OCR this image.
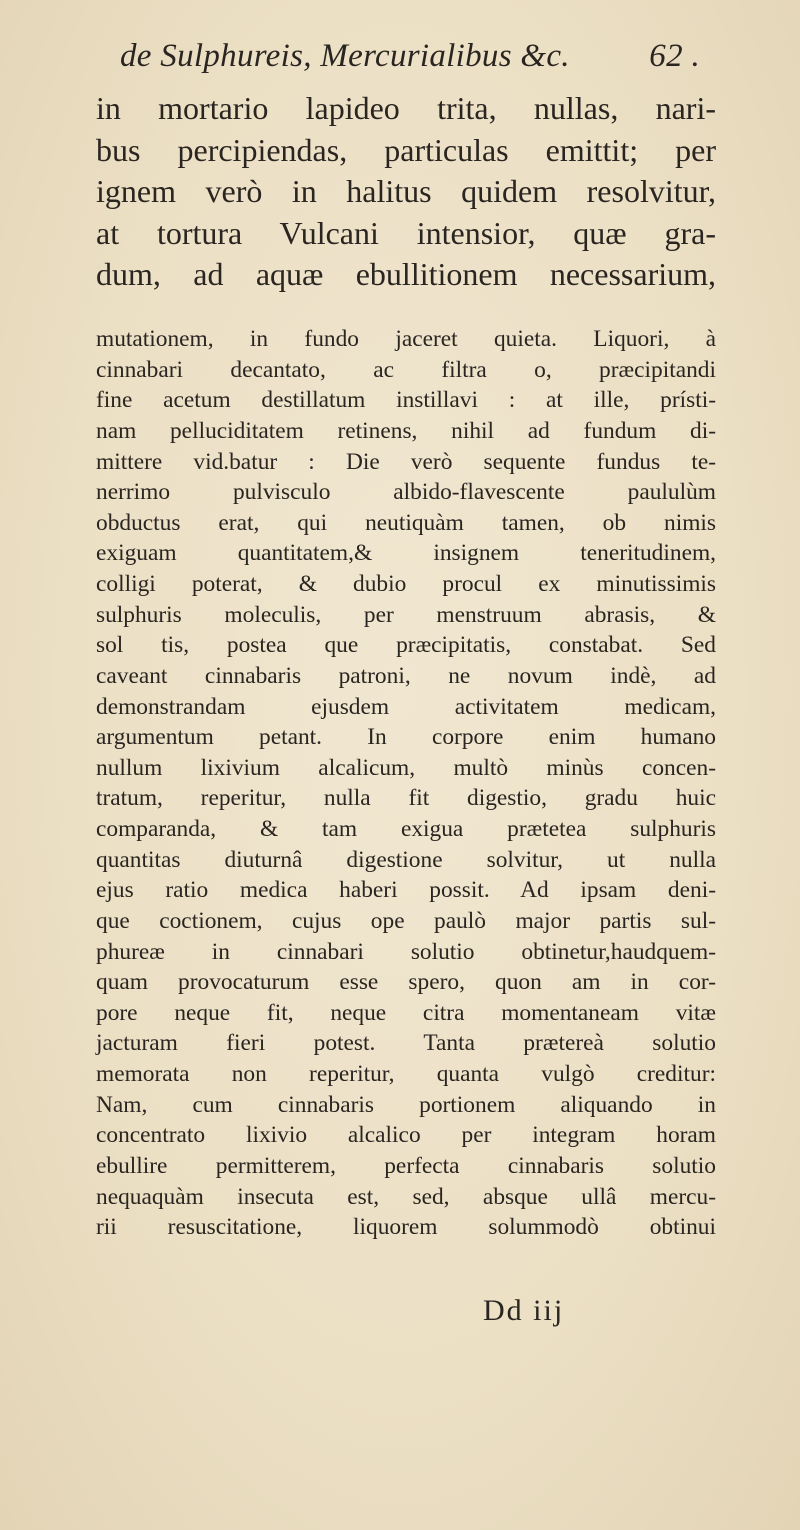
de Sulphureis, Mercurialibus &c. 62 .
in mortario lapideo trita, nullas, nari-
bus percipiendas, particulas emittit; per
ignem verò in halitus quidem resolvitur,
at tortura Vulcani intensior, quæ gra-
dum, ad aquæ ebullitionem necessarium,
mutationem, in fundo jaceret quieta. Liquori, à
cinnabari decantato, ac filtra o, præcipitandi
fine acetum destillatum instillavi : at ille, prísti-
nam pelluciditatem retinens, nihil ad fundum di-
mittere vid.batur : Die verò sequente fundus te-
nerrimo pulvisculo albido-flavescente paululùm
obductus erat, qui neutiquàm tamen, ob nimis
exiguam quantitatem,& insignem teneritudinem,
colligi poterat, & dubio procul ex minutissimis
sulphuris moleculis, per menstruum abrasis, &
sol tis, postea que præcipitatis, constabat. Sed
caveant cinnabaris patroni, ne novum indè, ad
demonstrandam ejusdem activitatem medicam,
argumentum petant. In corpore enim humano
nullum lixivium alcalicum, multò minùs concen-
tratum, reperitur, nulla fit digestio, gradu huic
comparanda, & tam exigua prætetea sulphuris
quantitas diuturnâ digestione solvitur, ut nulla
ejus ratio medica haberi possit. Ad ipsam deni-
que coctionem, cujus ope paulò major partis sul-
phureæ in cinnabari solutio obtinetur,haudquem-
quam provocaturum esse spero, quon am in cor-
pore neque fit, neque citra momentaneam vitæ
jacturam fieri potest. Tanta prætereà solutio
memorata non reperitur, quanta vulgò creditur:
Nam, cum cinnabaris portionem aliquando in
concentrato lixivio alcalico per integram horam
ebullire permitterem, perfecta cinnabaris solutio
nequaquàm insecuta est, sed, absque ullâ mercu-
rii resuscitatione, liquorem solummodò obtinui
Dd iij
